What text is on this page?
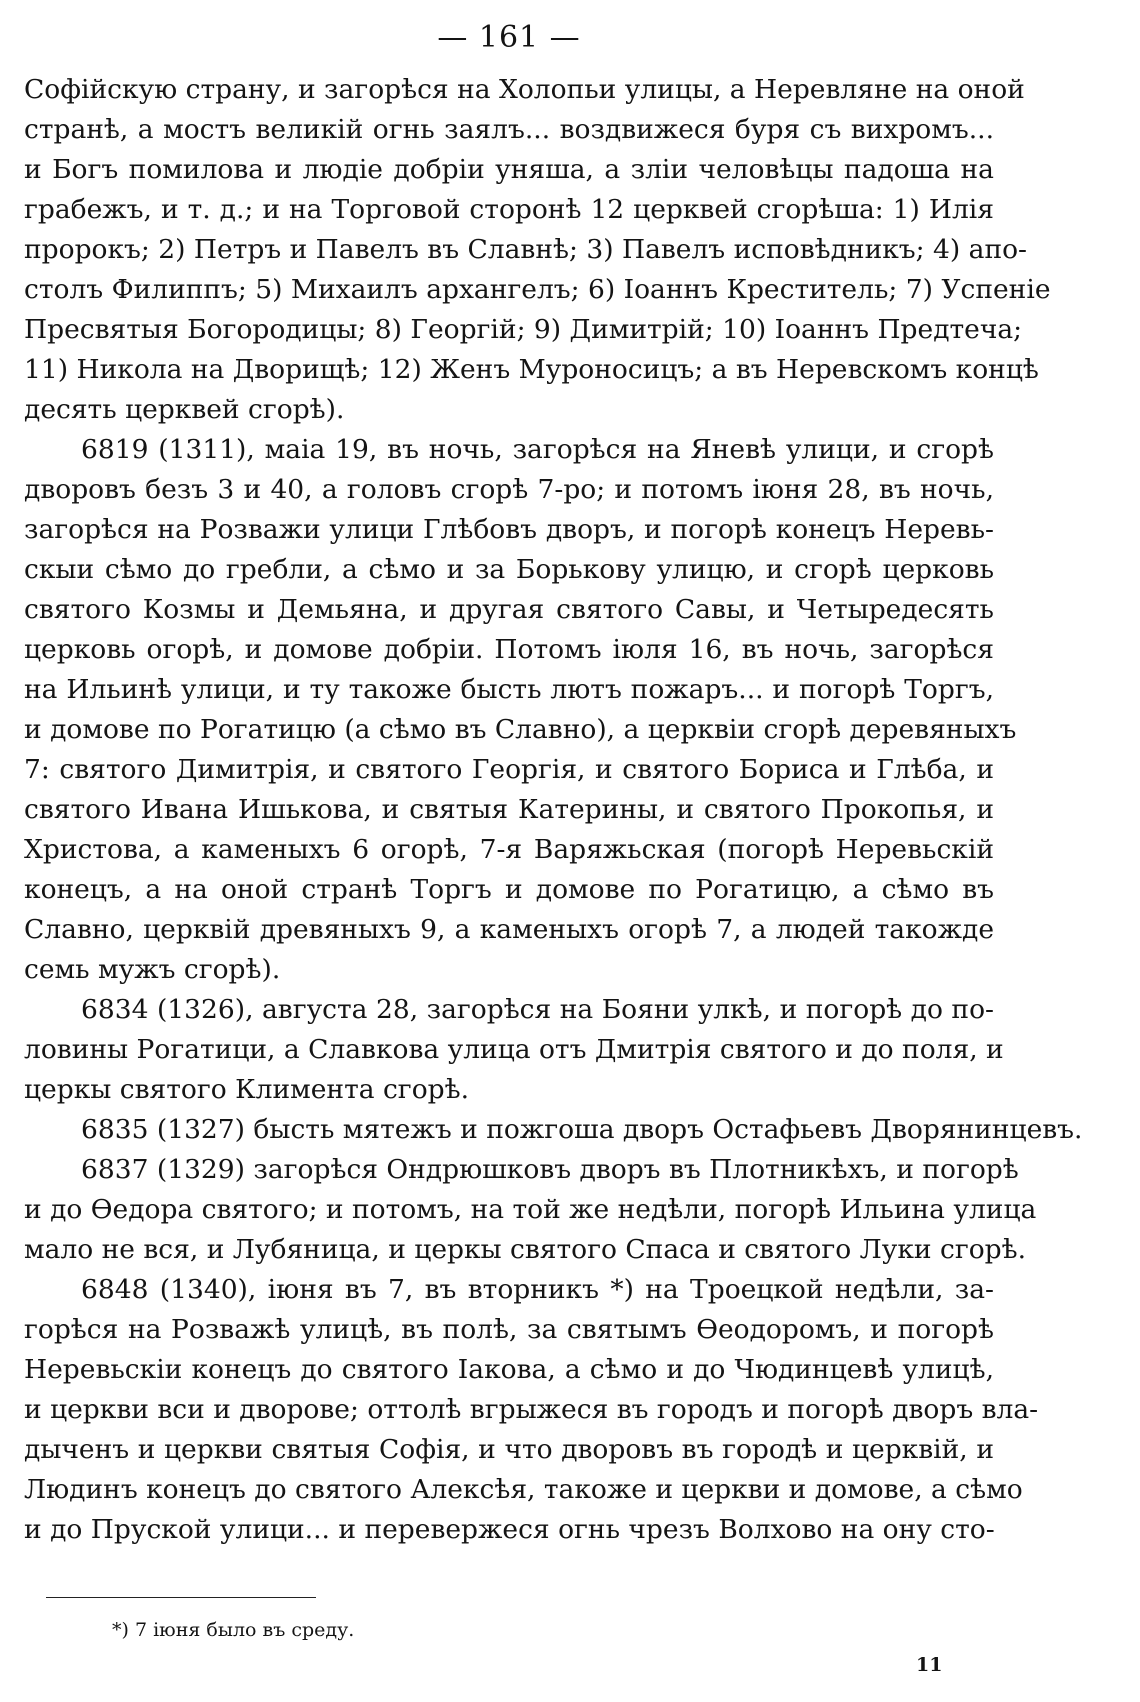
— 161 —
Софійскую страну, и загорѣся на Холопьи улицы, а Неревляне на оной
странѣ, а мостъ великій огнь заялъ... воздвижеся буря съ вихромъ...
и Богъ помилова и людіе добріи уняша, а зліи человѣцы падоша на
грабежъ, и т. д.; и на Торговой сторонѣ 12 церквей сгорѣша: 1) Илія
пророкъ; 2) Петръ и Павелъ въ Славнѣ; 3) Павелъ исповѣдникъ; 4) апо-
столъ Филиппъ; 5) Михаилъ архангелъ; 6) Іоаннъ Креститель; 7) Успеніе
Пресвятыя Богородицы; 8) Георгій; 9) Димитрій; 10) Іоаннъ Предтеча;
11) Никола на Дворищѣ; 12) Женъ Муроносицъ; а въ Неревскомъ концѣ
десять церквей сгорѣ).
6819 (1311), маіа 19, въ ночь, загорѣся на Яневѣ улици, и сгорѣ
дворовъ безъ 3 и 40, а головъ сгорѣ 7-ро; и потомъ іюня 28, въ ночь,
загорѣся на Розважи улици Глѣбовъ дворъ, и погорѣ конецъ Неревь-
скыи сѣмо до гребли, а сѣмо и за Борькову улицю, и сгорѣ церковь
святого Козмы и Демьяна, и другая святого Савы, и Четыредесять
церковь огорѣ, и домове добріи. Потомъ іюля 16, въ ночь, загорѣся
на Ильинѣ улици, и ту такоже бысть лютъ пожаръ... и погорѣ Торгъ,
и домове по Рогатицю (а сѣмо въ Славно), а церквіи сгорѣ деревяныхъ
7: святого Димитрія, и святого Георгія, и святого Бориса и Глѣба, и
святого Ивана Ишькова, и святыя Катерины, и святого Прокопья, и
Христова, а каменыхъ 6 огорѣ, 7-я Варяжьская (погорѣ Неревьскій
конецъ, а на оной странѣ Торгъ и домове по Рогатицю, а сѣмо въ
Славно, церквій древяныхъ 9, а каменыхъ огорѣ 7, а людей такожде
семь мужъ сгорѣ).
6834 (1326), августа 28, загорѣся на Бояни улкѣ, и погорѣ до по-
ловины Рогатици, а Славкова улица отъ Дмитрія святого и до поля, и
церкы святого Климента сгорѣ.
6835 (1327) бысть мятежъ и пожгоша дворъ Остафьевъ Дворянинцевъ.
6837 (1329) загорѣся Ондрюшковъ дворъ въ Плотникѣхъ, и погорѣ
и до Ѳедора святого; и потомъ, на той же недѣли, погорѣ Ильина улица
мало не вся, и Лубяница, и церкы святого Спаса и святого Луки сгорѣ.
6848 (1340), іюня въ 7, въ вторникъ *) на Троецкой недѣли, за-
горѣся на Розважѣ улицѣ, въ полѣ, за святымъ Ѳеодоромъ, и погорѣ
Неревьскіи конецъ до святого Іакова, а сѣмо и до Чюдинцевѣ улицѣ,
и церкви вси и дворове; оттолѣ вгрыжеся въ городъ и погорѣ дворъ вла-
дыченъ и церкви святыя Софія, и что дворовъ въ городѣ и церквій, и
Людинъ конецъ до святого Алексѣя, такоже и церкви и домове, а сѣмо
и до Пруской улици... и перевержеся огнь чрезъ Волхово на ону сто-
*) 7 іюня было въ среду.
11
